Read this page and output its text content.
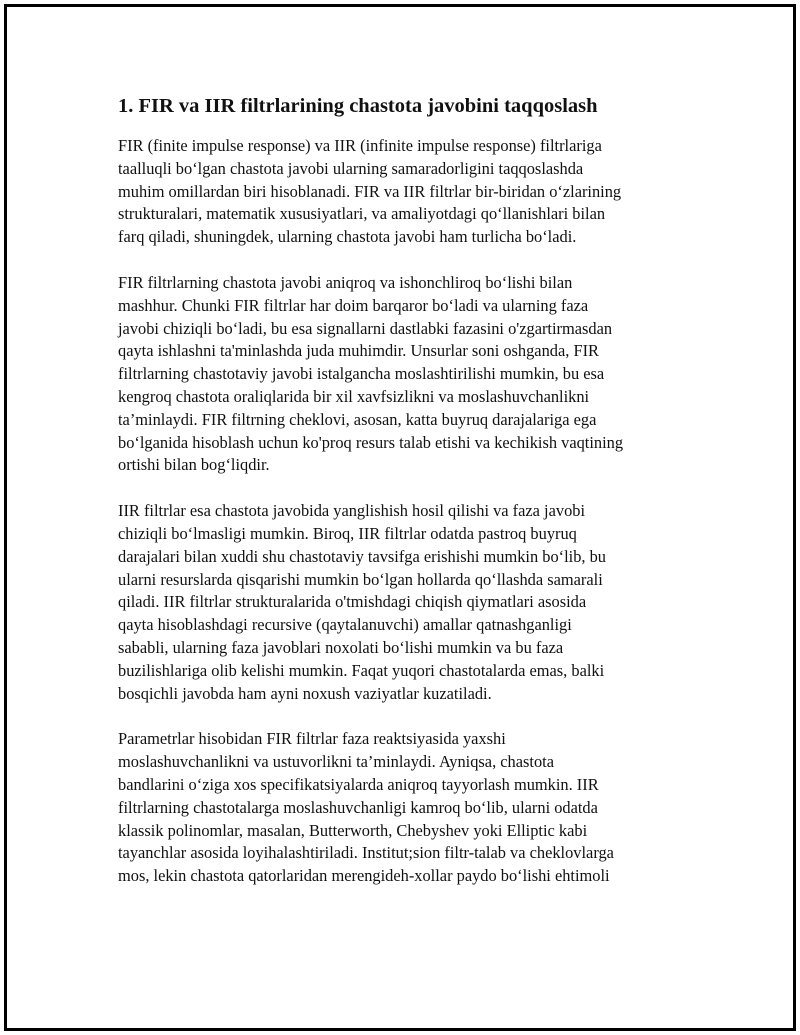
1. FIR va IIR filtrlarining chastota javobini taqqoslash

FIR (finite impulse response) va IIR (infinite impulse response) filtrlariga
taalluqli bo‘lgan chastota javobi ularning samaradorligini taqqoslashda
muhim omillardan biri hisoblanadi. FIR va IIR filtrlar bir-biridan o‘zlarining
strukturalari, matematik xususiyatlari, va amaliyotdagi qo‘llanishlari bilan
farq qiladi, shuningdek, ularning chastota javobi ham turlicha bo‘ladi.

FIR filtrlarning chastota javobi aniqroq va ishonchliroq bo‘lishi bilan
mashhur. Chunki FIR filtrlar har doim barqaror bo‘ladi va ularning faza
javobi chiziqli bo‘ladi, bu esa signallarni dastlabki fazasini o'zgartirmasdan
qayta ishlashni ta'minlashda juda muhimdir. Unsurlar soni oshganda, FIR
filtrlarning chastotaviy javobi istalgancha moslashtirilishi mumkin, bu esa
kengroq chastota oraliqlarida bir xil xavfsizlikni va moslashuvchanlikni
ta’minlaydi. FIR filtrning cheklovi, asosan, katta buyruq darajalariga ega
bo‘lganida hisoblash uchun ko'proq resurs talab etishi va kechikish vaqtining
ortishi bilan bog‘liqdir.

IIR filtrlar esa chastota javobida yanglishish hosil qilishi va faza javobi
chiziqli bo‘lmasligi mumkin. Biroq, IIR filtrlar odatda pastroq buyruq
darajalari bilan xuddi shu chastotaviy tavsifga erishishi mumkin bo‘lib, bu
ularni resurslarda qisqarishi mumkin bo‘lgan hollarda qo‘llashda samarali
qiladi. IIR filtrlar strukturalarida o'tmishdagi chiqish qiymatlari asosida
qayta hisoblashdagi recursive (qaytalanuvchi) amallar qatnashganligi
sababli, ularning faza javoblari noxolati bo‘lishi mumkin va bu faza
buzilishlariga olib kelishi mumkin. Faqat yuqori chastotalarda emas, balki
bosqichli javobda ham ayni noxush vaziyatlar kuzatiladi.

Parametrlar hisobidan FIR filtrlar faza reaktsiyasida yaxshi
moslashuvchanlikni va ustuvorlikni ta’minlaydi. Ayniqsa, chastota
bandlarini o‘ziga xos specifikatsiyalarda aniqroq tayyorlash mumkin. IIR
filtrlarning chastotalarga moslashuvchanligi kamroq bo‘lib, ularni odatda
klassik polinomlar, masalan, Butterworth, Chebyshev yoki Elliptic kabi
tayanchlar asosida loyihalashtiriladi. Institut;sion filtr-talab va cheklovlarga
mos, lekin chastota qatorlaridan merengideh-xollar paydo bo‘lishi ehtimoli
